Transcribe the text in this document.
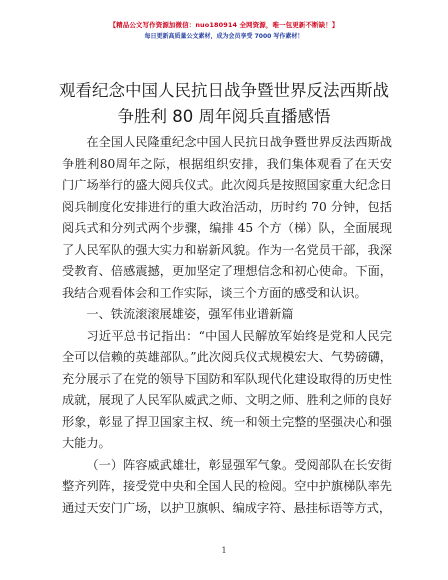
【精品公文写作资源加微信：nuo180914 全网资源，唯一包更新不断缺！】
每日更新高质量公文素材，成为会员享受 7000 写作素材！
观看纪念中国人民抗日战争暨世界反法西斯战
争胜利 80 周年阅兵直播感悟

在全国人民隆重纪念中国人民抗日战争暨世界反法西斯战争胜利80周年之际，根据组织安排，我们集体观看了在天安门广场举行的盛大阅兵仪式。此次阅兵是按照国家重大纪念日阅兵制度化安排进行的重大政治活动，历时约 70 分钟，包括阅兵式和分列式两个步骤，编排 45 个方（梯）队，全面展现了人民军队的强大实力和崭新风貌。作为一名党员干部，我深受教育、倍感震撼，更加坚定了理想信念和初心使命。下面，我结合观看体会和工作实际，谈三个方面的感受和认识。

一、铁流滚滚展雄姿，强军伟业谱新篇

习近平总书记指出：“中国人民解放军始终是党和人民完全可以信赖的英雄部队。”此次阅兵仪式规模宏大、气势磅礴，充分展示了在党的领导下国防和军队现代化建设取得的历史性成就，展现了人民军队威武之师、文明之师、胜利之师的良好形象，彰显了捍卫国家主权、统一和领土完整的坚强决心和强大能力。

（一）阵容威武雄壮，彰显强军气象。受阅部队在长安街整齐列阵，接受党中央和全国人民的检阅。空中护旗梯队率先通过天安门广场，以护卫旗帜、编成字符、悬挂标语等方式，

1
